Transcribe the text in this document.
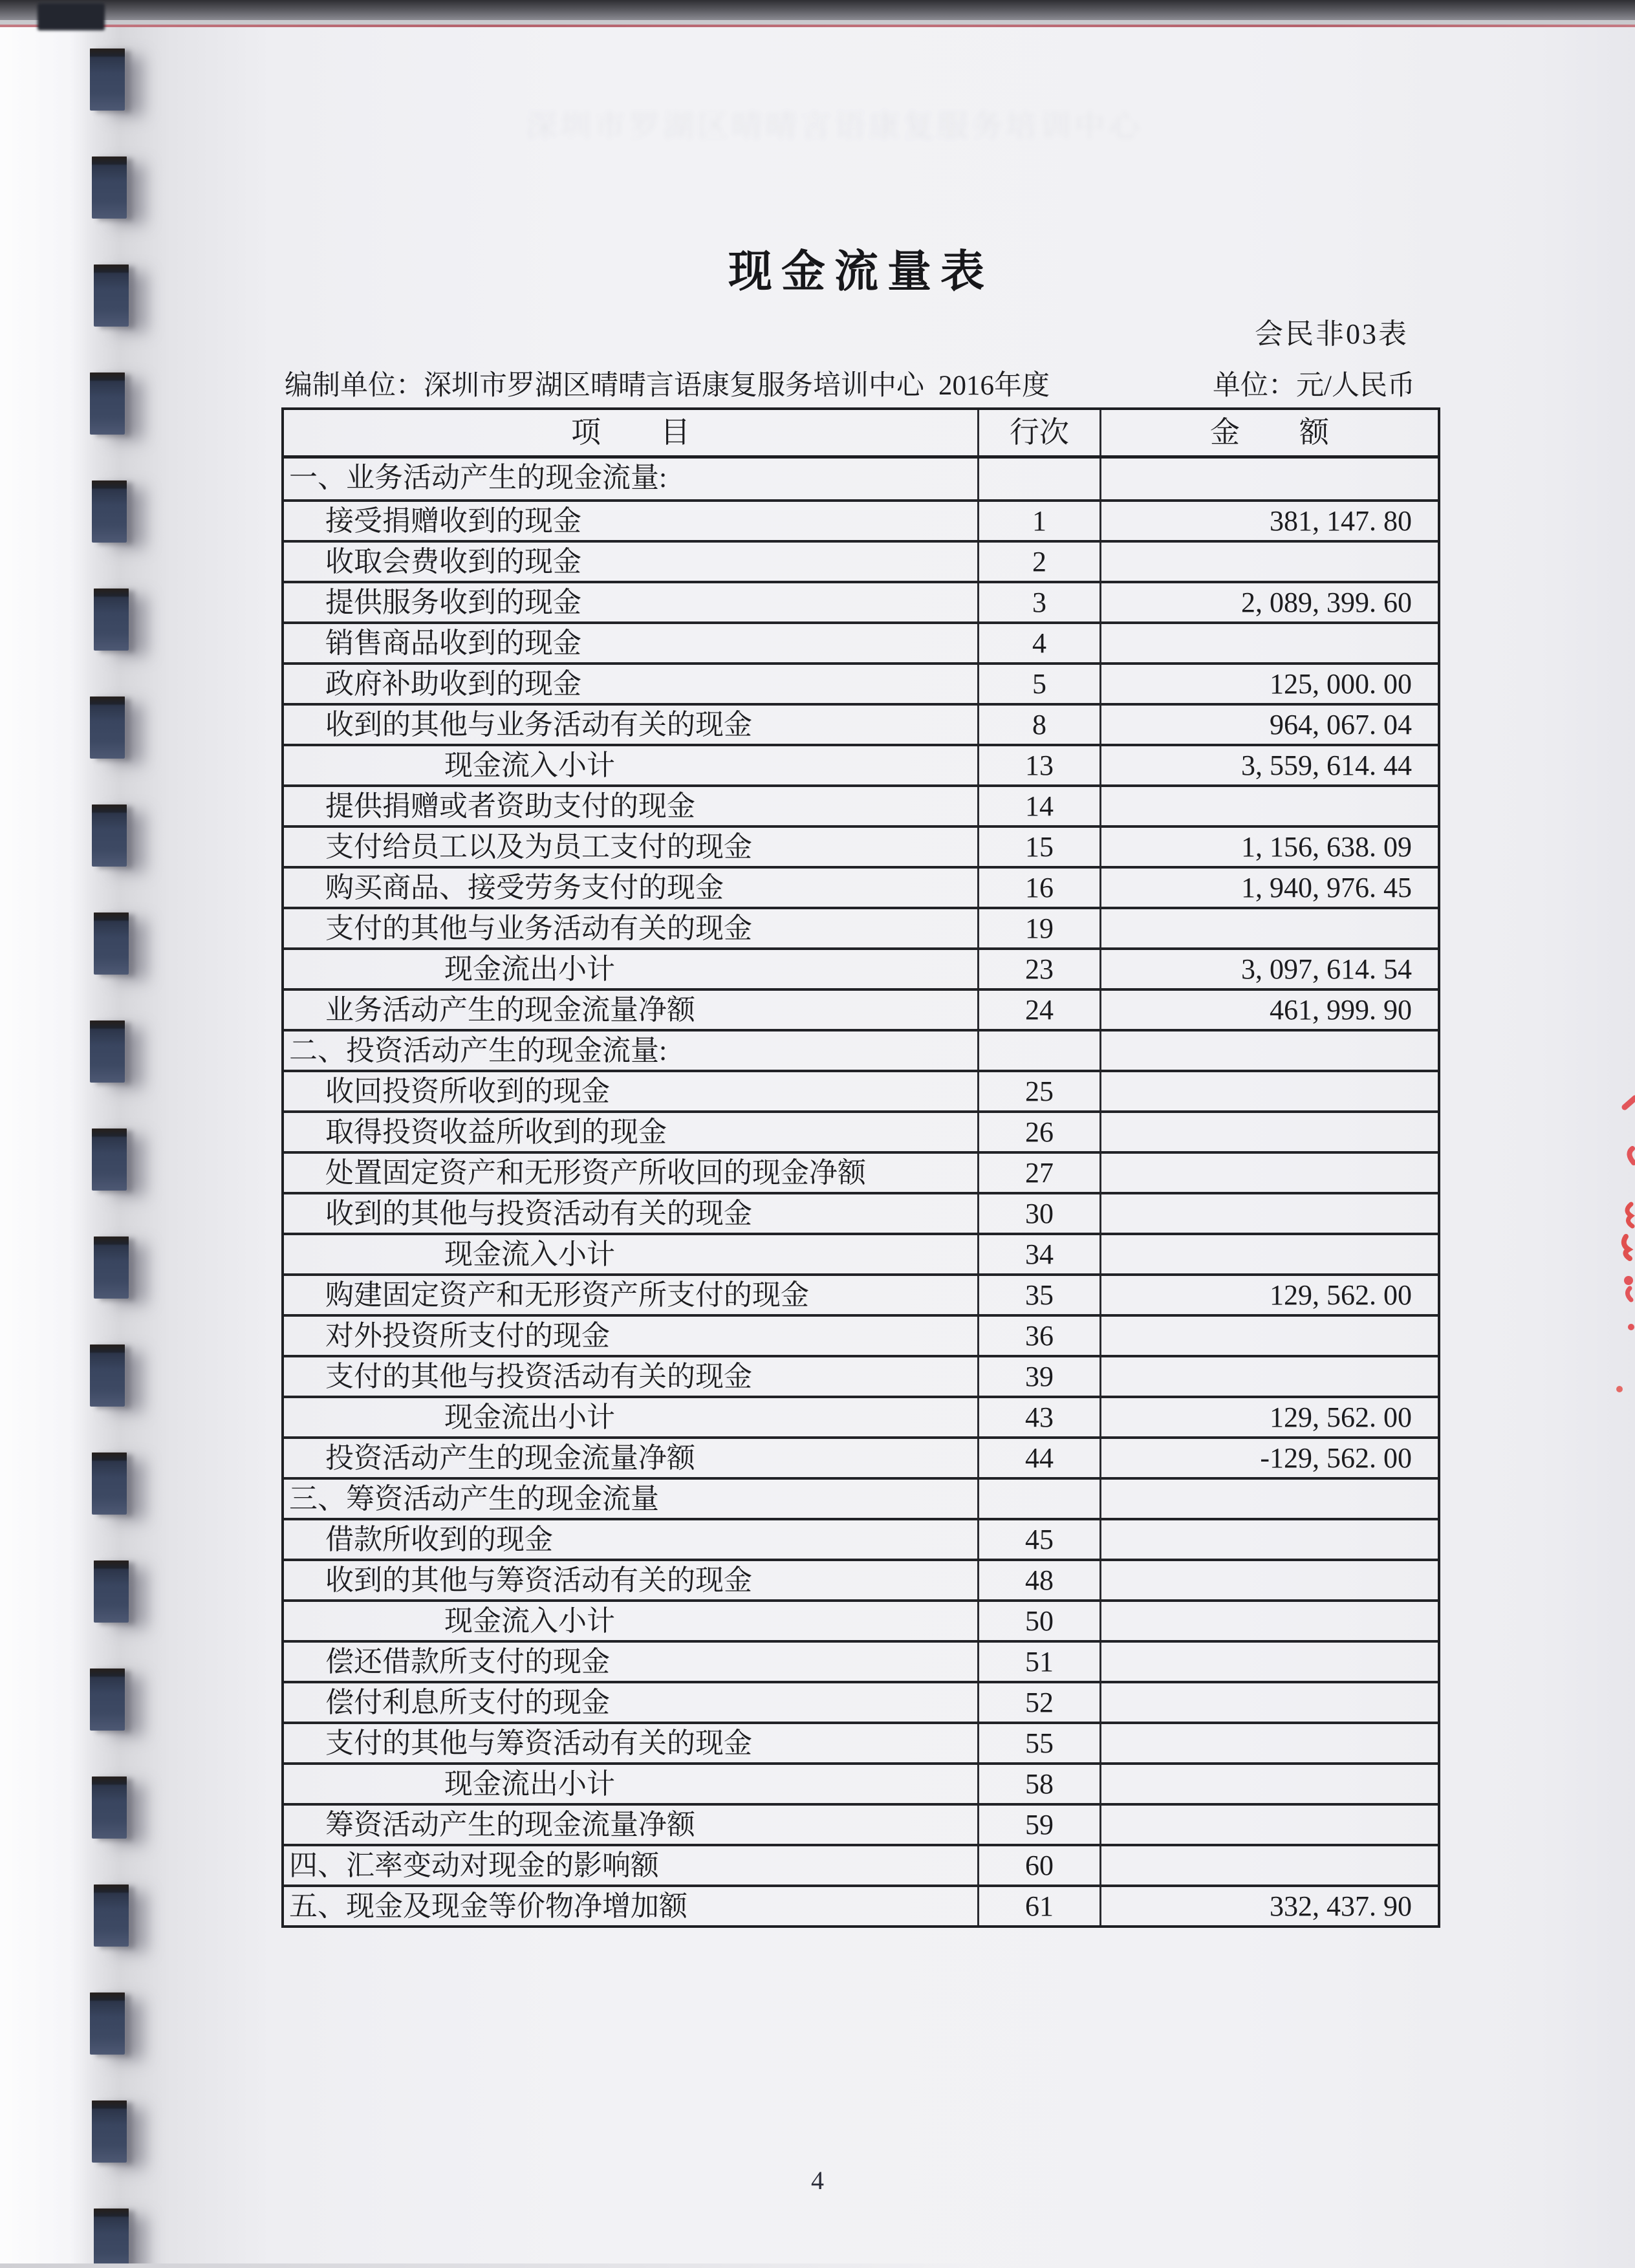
深圳市罗湖区晴晴言语康复服务培训中心
现金流量表
会民非03表
编制单位：深圳市罗湖区晴晴言语康复服务培训中心 2016年度	单位：元/人民币
项　　目	行次	金　　额
一、业务活动产生的现金流量:
接受捐赠收到的现金	1	381, 147. 80
收取会费收到的现金	2
提供服务收到的现金	3	2, 089, 399. 60
销售商品收到的现金	4
政府补助收到的现金	5	125, 000. 00
收到的其他与业务活动有关的现金	8	964, 067. 04
现金流入小计	13	3, 559, 614. 44
提供捐赠或者资助支付的现金	14
支付给员工以及为员工支付的现金	15	1, 156, 638. 09
购买商品、接受劳务支付的现金	16	1, 940, 976. 45
支付的其他与业务活动有关的现金	19
现金流出小计	23	3, 097, 614. 54
业务活动产生的现金流量净额	24	461, 999. 90
二、投资活动产生的现金流量:
收回投资所收到的现金	25
取得投资收益所收到的现金	26
处置固定资产和无形资产所收回的现金净额	27
收到的其他与投资活动有关的现金	30
现金流入小计	34
购建固定资产和无形资产所支付的现金	35	129, 562. 00
对外投资所支付的现金	36
支付的其他与投资活动有关的现金	39
现金流出小计	43	129, 562. 00
投资活动产生的现金流量净额	44	-129, 562. 00
三、筹资活动产生的现金流量
借款所收到的现金	45
收到的其他与筹资活动有关的现金	48
现金流入小计	50
偿还借款所支付的现金	51
偿付利息所支付的现金	52
支付的其他与筹资活动有关的现金	55
现金流出小计	58
筹资活动产生的现金流量净额	59
四、汇率变动对现金的影响额	60
五、现金及现金等价物净增加额	61	332, 437. 90
4
